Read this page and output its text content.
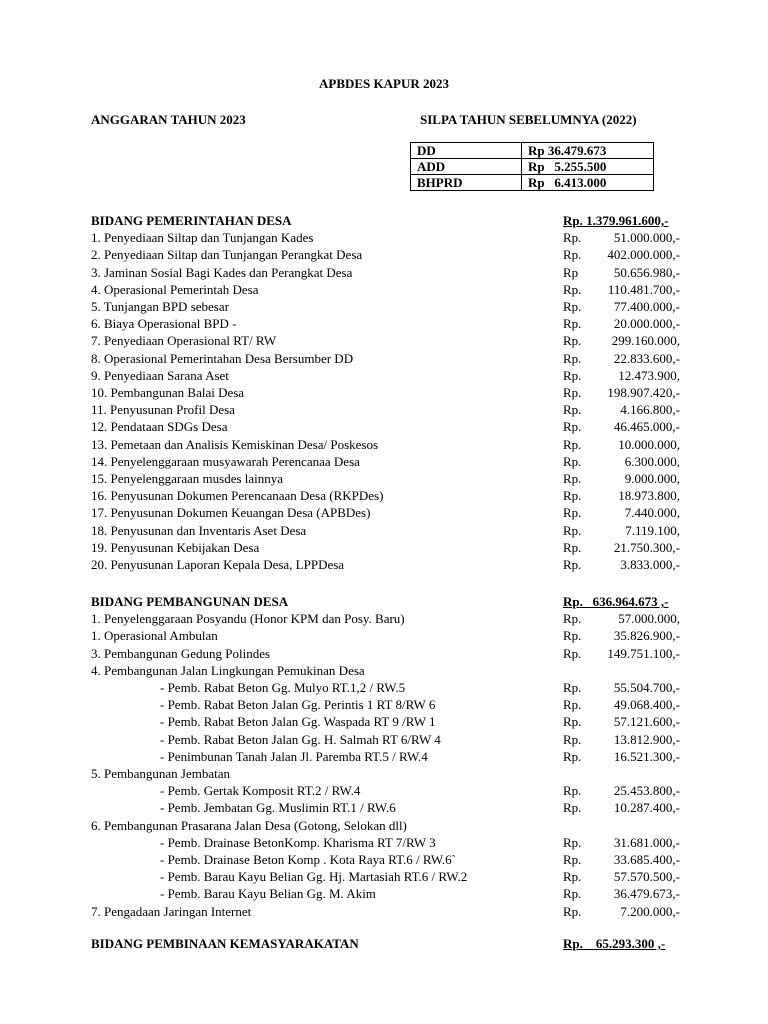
APBDES KAPUR 2023
ANGGARAN TAHUN 2023	SILPA TAHUN SEBELUMNYA (2022)
DD	Rp 36.479.673
ADD	Rp   5.255.500
BHPRD	Rp   6.413.000
BIDANG PEMERINTAHAN DESA	Rp. 1.379.961.600,-
1. Penyediaan Siltap dan Tunjangan Kades	Rp. 51.000.000,-
2. Penyediaan Siltap dan Tunjangan Perangkat Desa	Rp. 402.000.000,-
3. Jaminan Sosial Bagi Kades dan Perangkat Desa	Rp	50.656.980,-
4. Operasional Pemerintah Desa	Rp. 110.481.700,-
5. Tunjangan BPD sebesar	Rp. 77.400.000,-
6. Biaya Operasional BPD -	Rp. 20.000.000,-
7. Penyediaan Operasional RT/ RW	Rp. 299.160.000,
8. Operasional Pemerintahan Desa Bersumber DD	Rp. 22.833.600,-
9. Penyediaan Sarana Aset	Rp.	12.473.900,
10. Pembangunan Balai Desa	Rp. 198.907.420,-
11. Penyusunan Profil Desa	Rp.	4.166.800,-
12. Pendataan SDGs Desa	Rp. 46.465.000,-
13. Pemetaan dan Analisis Kemiskinan Desa/ Poskesos	Rp.	10.000.000,
14. Penyelenggaraan musyawarah Perencanaa Desa	Rp.	6.300.000,
15. Penyelenggaraan musdes lainnya	Rp.	9.000.000,
16. Penyusunan Dokumen Perencanaan Desa (RKPDes)	Rp.	18.973.800,
17. Penyusunan Dokumen Keuangan Desa (APBDes)	Rp.	7.440.000,
18. Penyusunan dan Inventaris Aset Desa	Rp.	7.119.100,
19. Penyusunan Kebijakan Desa	Rp. 21.750.300,-
20. Penyusunan Laporan Kepala Desa, LPPDesa	Rp.	3.833.000,-
BIDANG PEMBANGUNAN DESA	Rp.   636.964.673 ,-
1. Penyelenggaraan Posyandu (Honor KPM dan Posy. Baru)	Rp.	57.000.000,
1. Operasional Ambulan	Rp. 35.826.900,-
3. Pembangunan Gedung Polindes	Rp. 149.751.100,-
4. Pembangunan Jalan Lingkungan Pemukinan Desa
- Pemb. Rabat Beton Gg. Mulyo RT.1,2 / RW.5	Rp. 55.504.700,-
- Pemb. Rabat Beton Jalan Gg. Perintis 1 RT 8/RW 6	Rp. 49.068.400,-
- Pemb. Rabat Beton Jalan Gg. Waspada RT 9 /RW 1	Rp. 57.121.600,-
- Pemb. Rabat Beton Jalan Gg. H. Salmah RT 6/RW 4	Rp. 13.812.900,-
- Penimbunan Tanah Jalan Jl. Paremba RT.5 / RW.4	Rp. 16.521.300,-
5. Pembangunan Jembatan
- Pemb. Gertak Komposit RT.2 / RW.4	Rp. 25.453.800,-
- Pemb. Jembatan Gg. Muslimin RT.1 / RW.6	Rp. 10.287.400,-
6. Pembangunan Prasarana Jalan Desa (Gotong, Selokan dll)
- Pemb. Drainase BetonKomp. Kharisma RT 7/RW 3	Rp. 31.681.000,-
- Pemb. Drainase Beton Komp . Kota Raya RT.6 / RW.6`	Rp. 33.685.400,-
- Pemb. Barau Kayu Belian Gg. Hj. Martasiah RT.6 / RW.2	Rp. 57.570.500,-
- Pemb. Barau Kayu Belian Gg. M. Akim	Rp. 36.479.673,-
7. Pengadaan Jaringan Internet	Rp.	7.200.000,-
BIDANG PEMBINAAN KEMASYARAKATAN	Rp.    65.293.300 ,-
